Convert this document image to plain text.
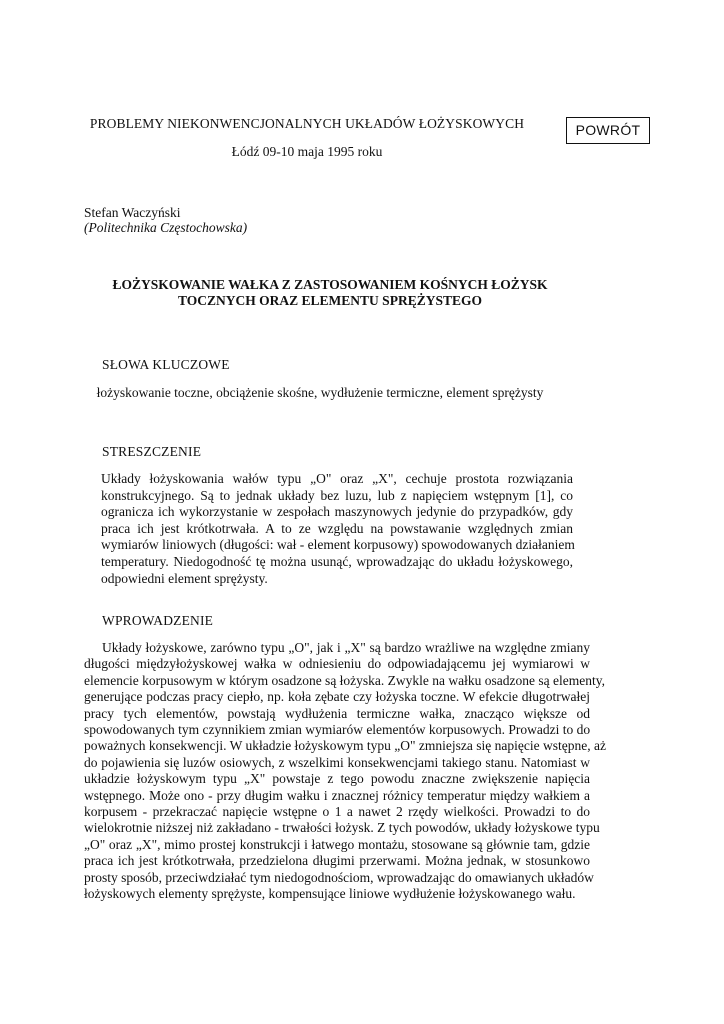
PROBLEMY NIEKONWENCJONALNYCH UKŁADÓW ŁOŻYSKOWYCH
Łódź 09-10 maja 1995 roku
POWRÓT
Stefan Waczyński
(Politechnika Częstochowska)
ŁOŻYSKOWANIE WAŁKA Z ZASTOSOWANIEM KOŚNYCH ŁOŻYSK
TOCZNYCH ORAZ ELEMENTU SPRĘŻYSTEGO
SŁOWA KLUCZOWE
łożyskowanie toczne, obciążenie skośne, wydłużenie termiczne, element sprężysty
STRESZCZENIE
Układy łożyskowania wałów typu „O" oraz „X", cechuje prostota rozwiązania
konstrukcyjnego. Są to jednak układy bez luzu, lub z napięciem wstępnym [1], co
ogranicza ich wykorzystanie w zespołach maszynowych jedynie do przypadków, gdy
praca ich jest krótkotrwała. A to ze względu na powstawanie względnych zmian
wymiarów liniowych (długości: wał - element korpusowy) spowodowanych działaniem
temperatury. Niedogodność tę można usunąć, wprowadzając do układu łożyskowego,
odpowiedni element sprężysty.
WPROWADZENIE
Układy łożyskowe, zarówno typu „O", jak i „X" są bardzo wrażliwe na względne zmiany
długości międzyłożyskowej wałka w odniesieniu do odpowiadającemu jej wymiarowi w
elemencie korpusowym w którym osadzone są łożyska. Zwykle na wałku osadzone są elementy,
generujące podczas pracy ciepło, np. koła zębate czy łożyska toczne. W efekcie długotrwałej
pracy tych elementów, powstają wydłużenia termiczne wałka, znacząco większe od
spowodowanych tym czynnikiem zmian wymiarów elementów korpusowych. Prowadzi to do
poważnych konsekwencji. W układzie łożyskowym typu „O" zmniejsza się napięcie wstępne, aż
do pojawienia się luzów osiowych, z wszelkimi konsekwencjami takiego stanu. Natomiast w
układzie łożyskowym typu „X" powstaje z tego powodu znaczne zwiększenie napięcia
wstępnego. Może ono - przy długim wałku i znacznej różnicy temperatur między wałkiem a
korpusem - przekraczać napięcie wstępne o 1 a nawet 2 rzędy wielkości. Prowadzi to do
wielokrotnie niższej niż zakładano - trwałości łożysk. Z tych powodów, układy łożyskowe typu
„O" oraz „X", mimo prostej konstrukcji i łatwego montażu, stosowane są głównie tam, gdzie
praca ich jest krótkotrwała, przedzielona długimi przerwami. Można jednak, w stosunkowo
prosty sposób, przeciwdziałać tym niedogodnościom, wprowadzając do omawianych układów
łożyskowych elementy sprężyste, kompensujące liniowe wydłużenie łożyskowanego wału.
